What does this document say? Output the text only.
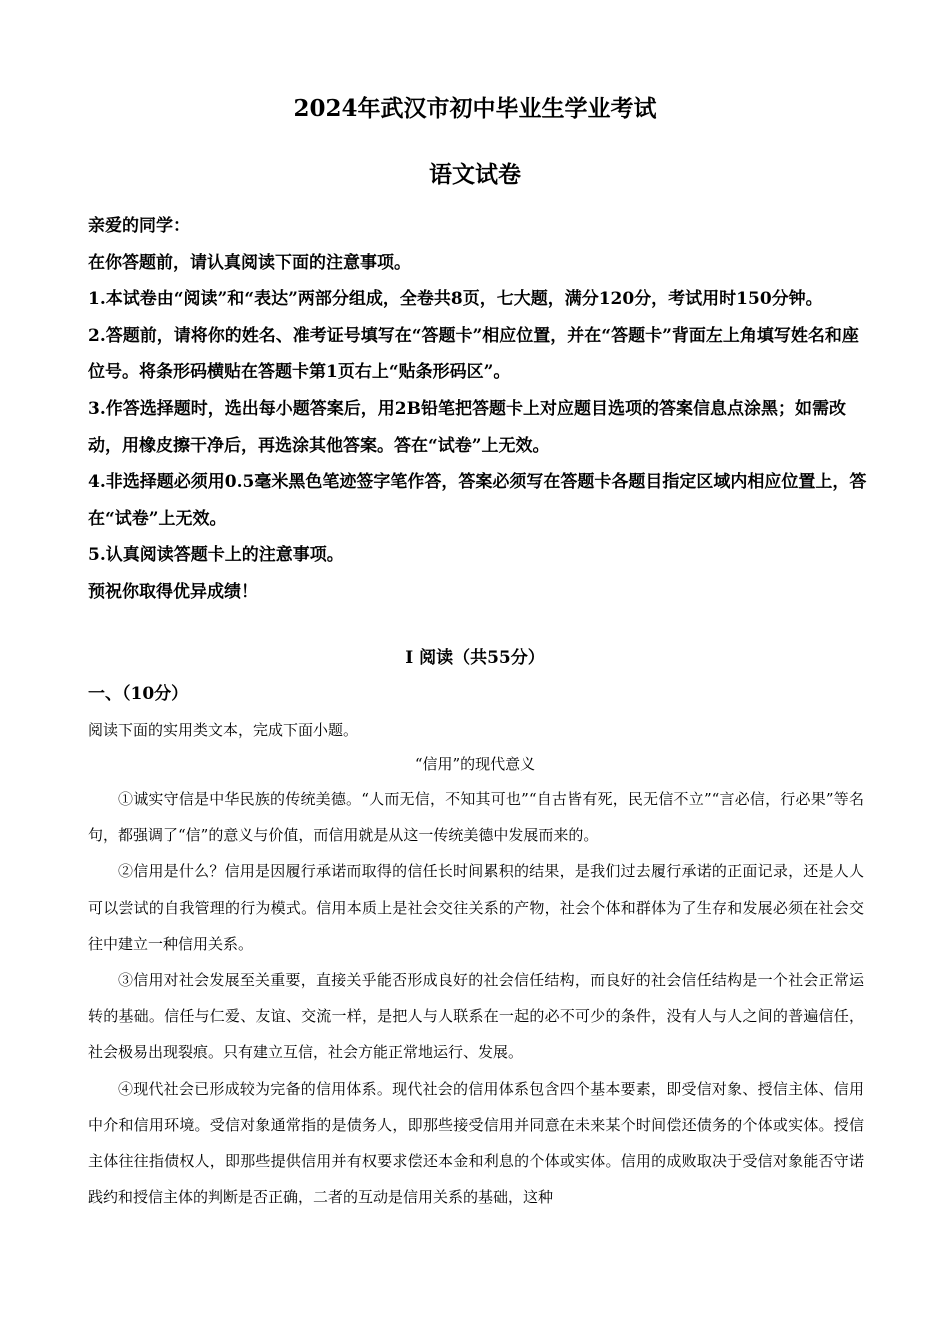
2024年武汉市初中毕业生学业考试
语文试卷

亲爱的同学：

在你答题前，请认真阅读下面的注意事项。

1.本试卷由“阅读”和“表达”两部分组成，全卷共8页，七大题，满分120分，考试用时150分钟。

2.答题前，请将你的姓名、准考证号填写在“答题卡”相应位置，并在“答题卡”背面左上角填写姓名和座位号。将条形码横贴在答题卡第1页右上“贴条形码区”。

3.作答选择题时，选出每小题答案后，用2B铅笔把答题卡上对应题目选项的答案信息点涂黑；如需改动，用橡皮擦干净后，再选涂其他答案。答在“试卷”上无效。

4.非选择题必须用0.5毫米黑色笔迹签字笔作答，答案必须写在答题卡各题目指定区域内相应位置上，答在“试卷”上无效。

5.认真阅读答题卡上的注意事项。

预祝你取得优异成绩！

I 阅读（共55分）
一、（10分）
阅读下面的实用类文本，完成下面小题。
“信用”的现代意义

①诚实守信是中华民族的传统美德。“人而无信，不知其可也”“自古皆有死，民无信不立”“言必信，行必果”等名句，都强调了“信”的意义与价值，而信用就是从这一传统美德中发展而来的。

②信用是什么？信用是因履行承诺而取得的信任长时间累积的结果，是我们过去履行承诺的正面记录，还是人人可以尝试的自我管理的行为模式。信用本质上是社会交往关系的产物，社会个体和群体为了生存和发展必须在社会交往中建立一种信用关系。

③信用对社会发展至关重要，直接关乎能否形成良好的社会信任结构，而良好的社会信任结构是一个社会正常运转的基础。信任与仁爱、友谊、交流一样，是把人与人联系在一起的必不可少的条件，没有人与人之间的普遍信任，社会极易出现裂痕。只有建立互信，社会方能正常地运行、发展。

④现代社会已形成较为完备的信用体系。现代社会的信用体系包含四个基本要素，即受信对象、授信主体、信用中介和信用环境。受信对象通常指的是债务人，即那些接受信用并同意在未来某个时间偿还债务的个体或实体。授信主体往往指债权人，即那些提供信用并有权要求偿还本金和利息的个体或实体。信用的成败取决于受信对象能否守诺践约和授信主体的判断是否正确，二者的互动是信用关系的基础，这种
